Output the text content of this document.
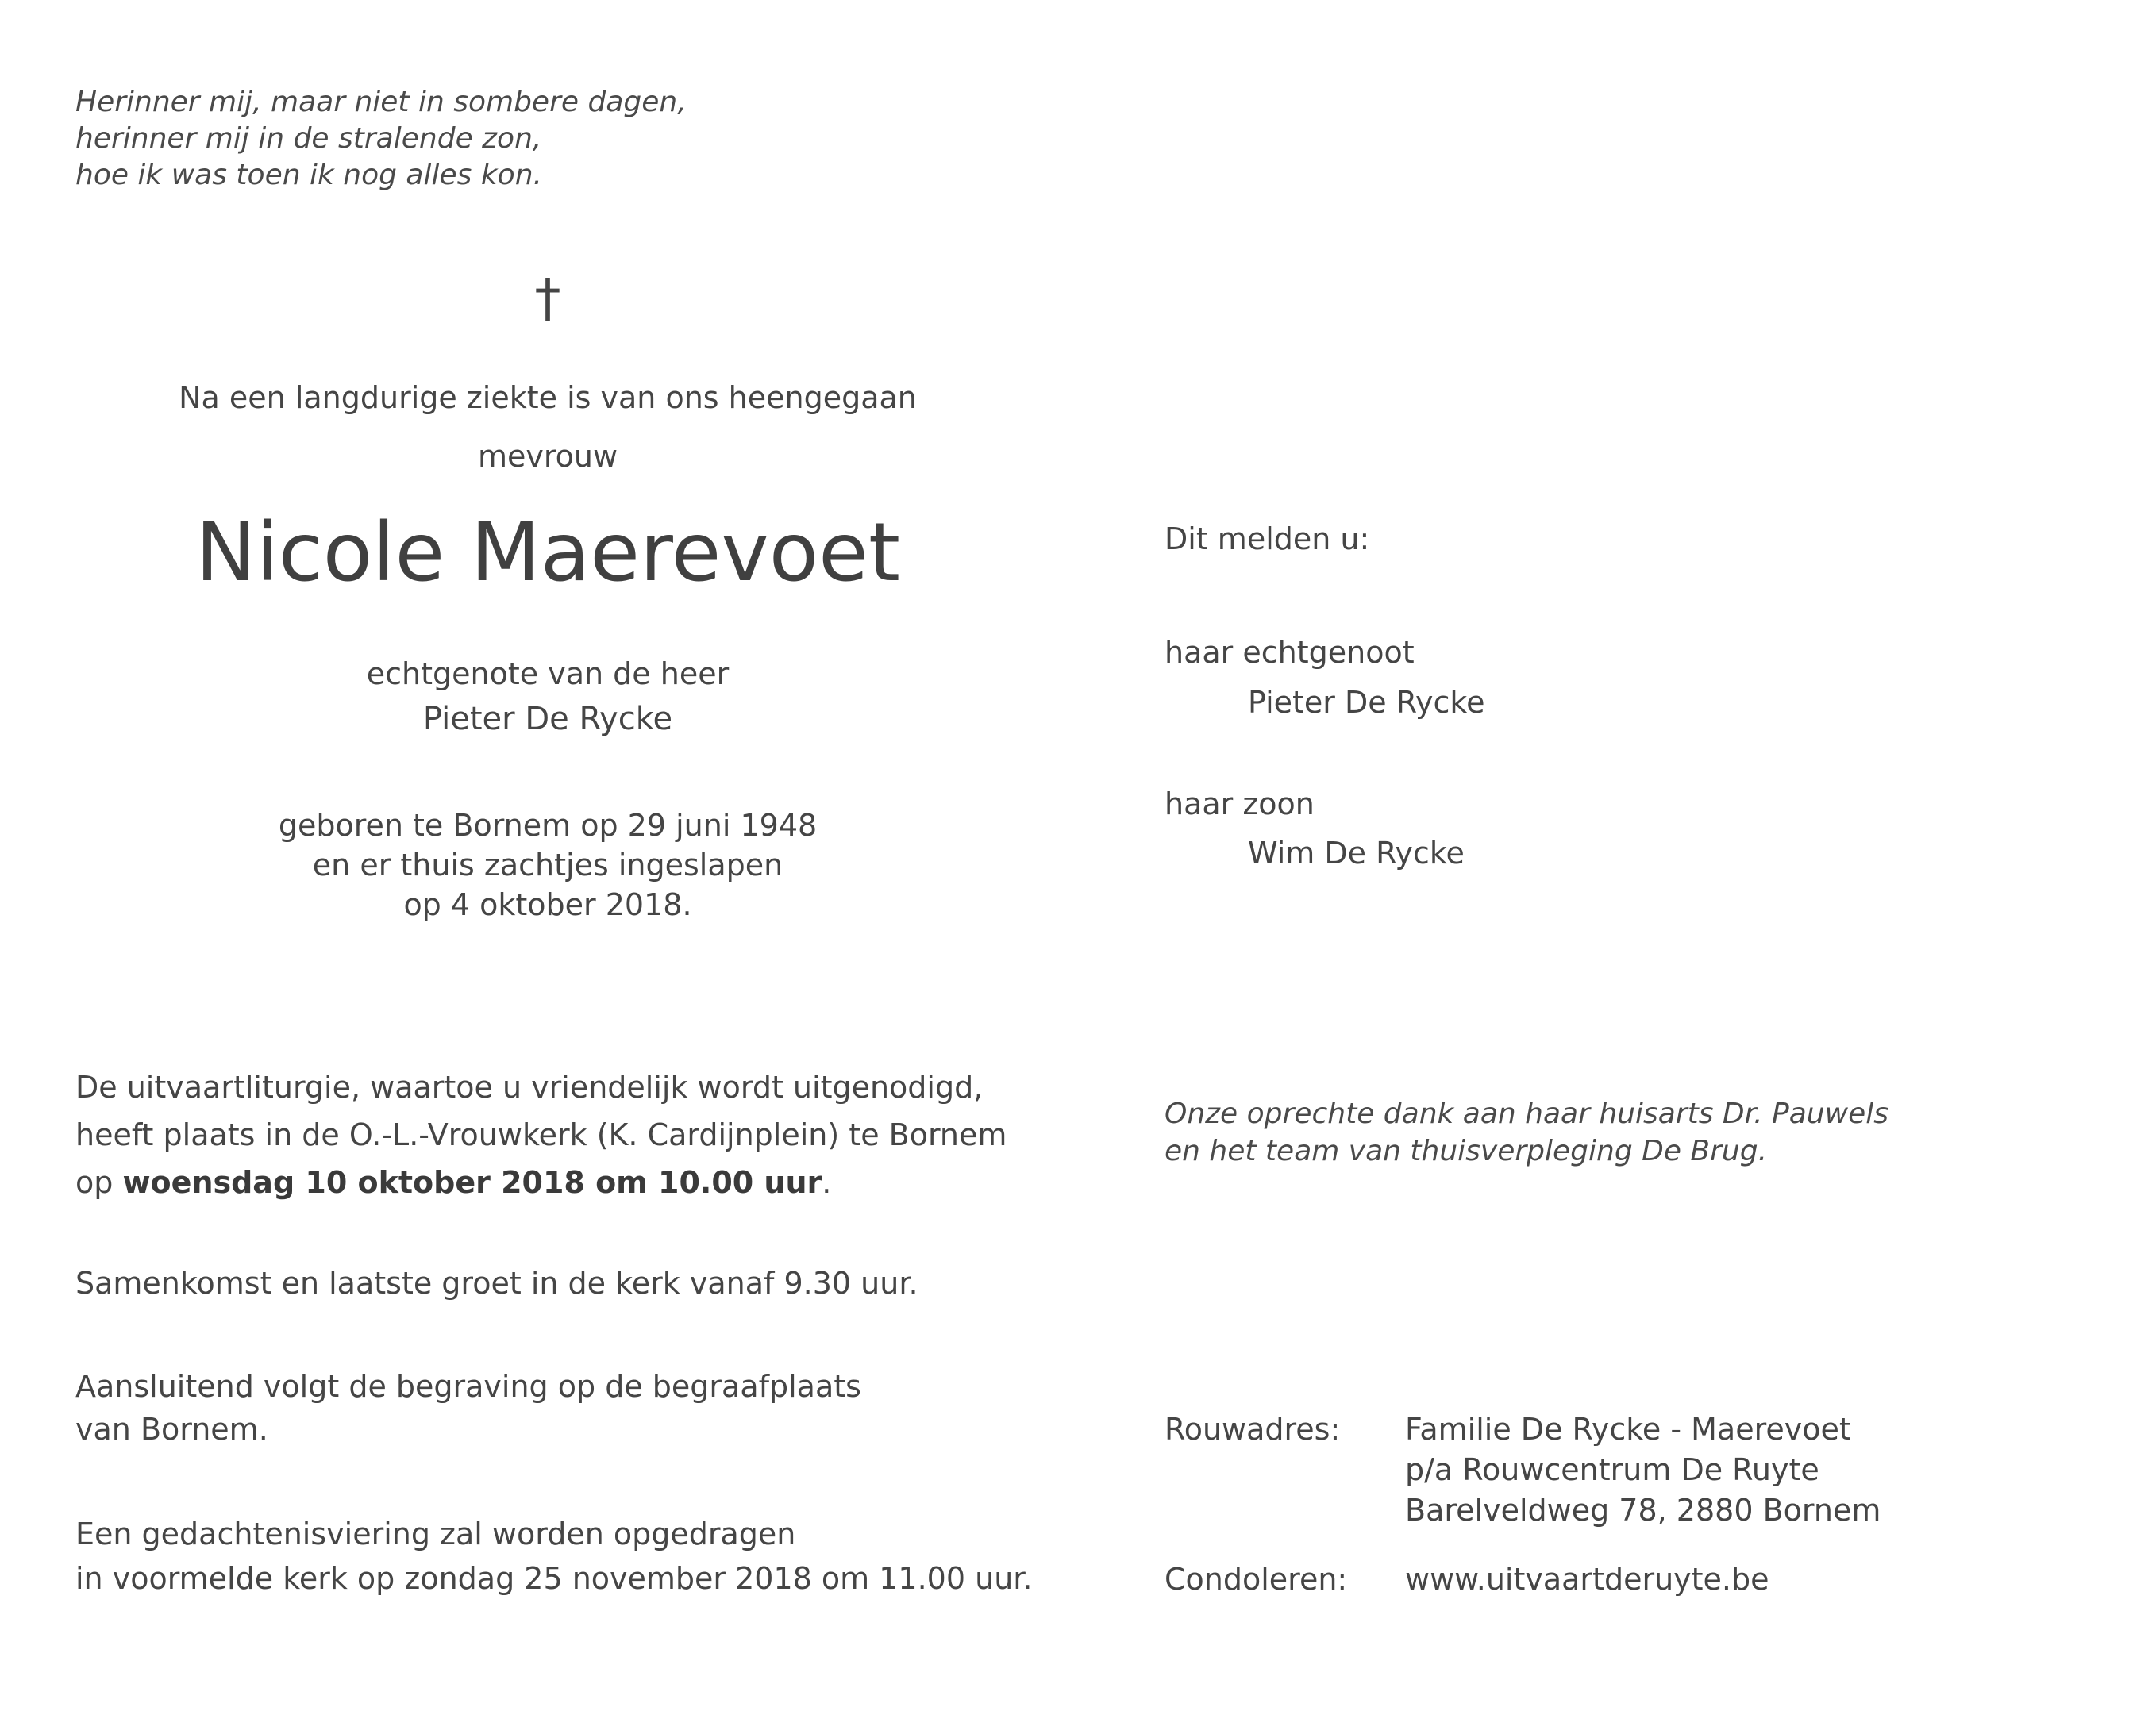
Herinner mij, maar niet in sombere dagen,
herinner mij in de stralende zon,
hoe ik was toen ik nog alles kon.
†
Na een langdurige ziekte is van ons heengegaan
mevrouw
Nicole Maerevoet
echtgenote van de heer
Pieter De Rycke
geboren te Bornem op 29 juni 1948
en er thuis zachtjes ingeslapen
op 4 oktober 2018.
De uitvaartliturgie, waartoe u vriendelijk wordt uitgenodigd,
heeft plaats in de O.-L.-Vrouwkerk (K. Cardijnplein) te Bornem
op woensdag 10 oktober 2018 om 10.00 uur.
Samenkomst en laatste groet in de kerk vanaf 9.30 uur.
Aansluitend volgt de begraving op de begraafplaats
van Bornem.
Een gedachtenisviering zal worden opgedragen
in voormelde kerk op zondag 25 november 2018 om 11.00 uur.
Dit melden u:
haar echtgenoot
Pieter De Rycke
haar zoon
Wim De Rycke
Onze oprechte dank aan haar huisarts Dr. Pauwels
en het team van thuisverpleging De Brug.
Rouwadres: Familie De Rycke - Maerevoet
p/a Rouwcentrum De Ruyte
Barelveldweg 78, 2880 Bornem
Condoleren: www.uitvaartderuyte.be
